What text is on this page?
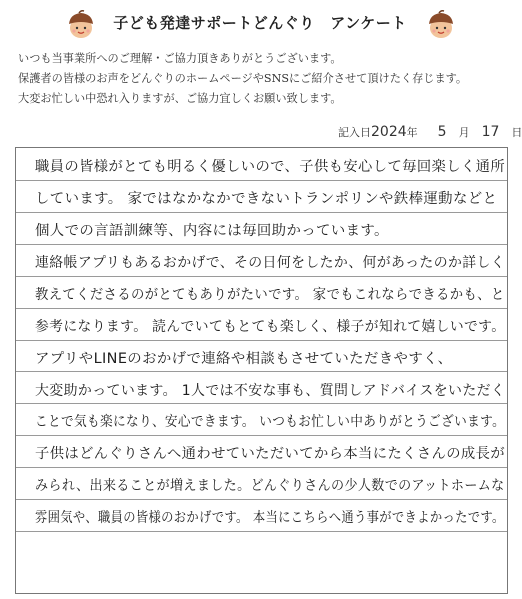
子ども発達サポートどんぐり　アンケート
いつも当事業所へのご理解・ご協力頂きありがとうございます。
保護者の皆様のお声をどんぐりのホームページやSNSにご紹介させて頂けたく存じます。
大変お忙しい中恐れ入りますが、ご協力宜しくお願い致します。
記入日2024年 5 月 17 日
職員の皆様がとても明るく優しいので、子供も安心して毎回楽しく通所
しています。 家ではなかなかできないトランポリンや鉄棒運動などと
個人での言語訓練等、内容には毎回助かっています。
連絡帳アプリもあるおかげで、その日何をしたか、何があったのか詳しく
教えてくださるのがとてもありがたいです。 家でもこれならできるかも、と
参考になります。 読んでいてもとても楽しく、様子が知れて嬉しいです。
アプリやLINEのおかげで連絡や相談もさせていただきやすく、
大変助かっています。 1人では不安な事も、質問しアドバイスをいただく
ことで気も楽になり、安心できます。 いつもお忙しい中ありがとうございます。
子供はどんぐりさんへ通わせていただいてから本当にたくさんの成長が
みられ、出来ることが増えました。どんぐりさんの少人数でのアットホームな
雰囲気や、職員の皆様のおかげです。 本当にこちらへ通う事ができよかったです。
